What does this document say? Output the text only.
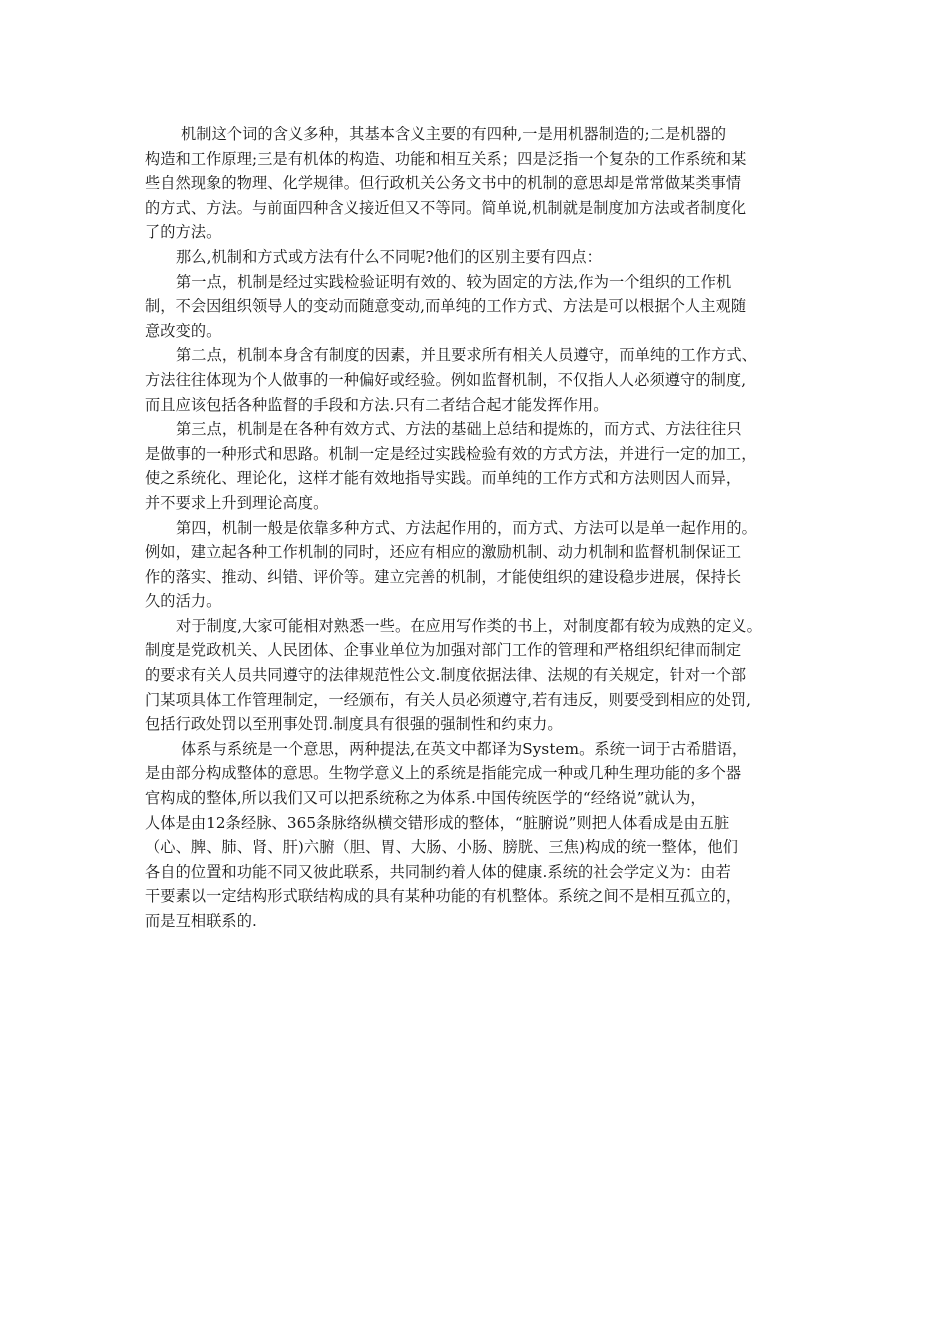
机制这个词的含义多种，其基本含义主要的有四种,一是用机器制造的;二是机器的
构造和工作原理;三是有机体的构造、功能和相互关系；四是泛指一个复杂的工作系统和某
些自然现象的物理、化学规律。但行政机关公务文书中的机制的意思却是常常做某类事情
的方式、方法。与前面四种含义接近但又不等同。简单说,机制就是制度加方法或者制度化
了的方法。
那么,机制和方式或方法有什么不同呢?他们的区别主要有四点：
第一点，机制是经过实践检验证明有效的、较为固定的方法,作为一个组织的工作机
制，不会因组织领导人的变动而随意变动,而单纯的工作方式、方法是可以根据个人主观随
意改变的。
第二点，机制本身含有制度的因素，并且要求所有相关人员遵守，而单纯的工作方式、
方法往往体现为个人做事的一种偏好或经验。例如监督机制，不仅指人人必须遵守的制度,
而且应该包括各种监督的手段和方法.只有二者结合起才能发挥作用。
第三点，机制是在各种有效方式、方法的基础上总结和提炼的，而方式、方法往往只
是做事的一种形式和思路。机制一定是经过实践检验有效的方式方法，并进行一定的加工，
使之系统化、理论化，这样才能有效地指导实践。而单纯的工作方式和方法则因人而异，
并不要求上升到理论高度。
第四，机制一般是依靠多种方式、方法起作用的，而方式、方法可以是单一起作用的。
例如，建立起各种工作机制的同时，还应有相应的激励机制、动力机制和监督机制保证工
作的落实、推动、纠错、评价等。建立完善的机制，才能使组织的建设稳步进展，保持长
久的活力。
对于制度,大家可能相对熟悉一些。在应用写作类的书上，对制度都有较为成熟的定义。
制度是党政机关、人民团体、企事业单位为加强对部门工作的管理和严格组织纪律而制定
的要求有关人员共同遵守的法律规范性公文.制度依据法律、法规的有关规定，针对一个部
门某项具体工作管理制定，一经颁布，有关人员必须遵守,若有违反，则要受到相应的处罚,
包括行政处罚以至刑事处罚.制度具有很强的强制性和约束力。
体系与系统是一个意思，两种提法,在英文中都译为System。系统一词于古希腊语，
是由部分构成整体的意思。生物学意义上的系统是指能完成一种或几种生理功能的多个器
官构成的整体,所以我们又可以把系统称之为体系.中国传统医学的“经络说”就认为，
人体是由12条经脉、365条脉络纵横交错形成的整体，“脏腑说”则把人体看成是由五脏
（心、脾、肺、肾、肝)六腑（胆、胃、大肠、小肠、膀胱、三焦)构成的统一整体，他们
各自的位置和功能不同又彼此联系，共同制约着人体的健康.系统的社会学定义为：由若
干要素以一定结构形式联结构成的具有某种功能的有机整体。系统之间不是相互孤立的，
而是互相联系的.
